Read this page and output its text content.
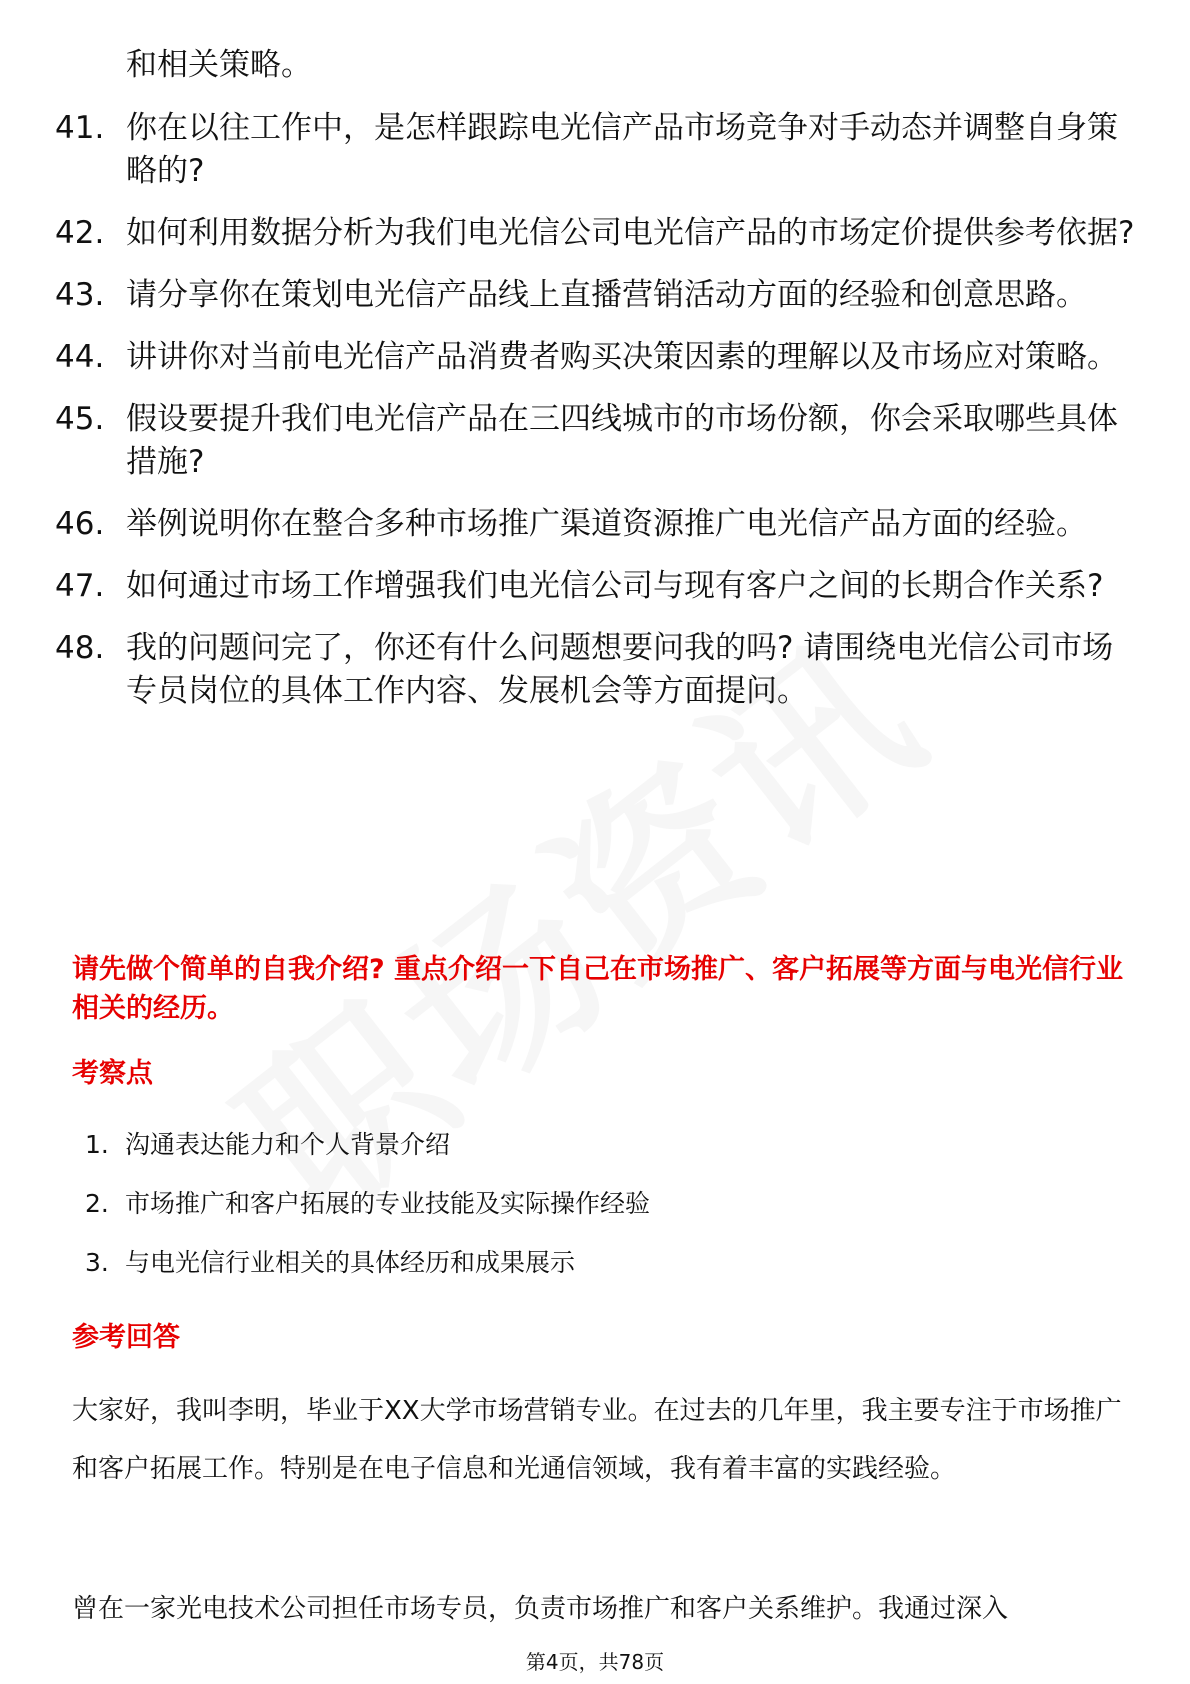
和相关策略。
41. 你在以往工作中，是怎样跟踪电光信产品市场竞争对手动态并调整自身策略的?
42. 如何利用数据分析为我们电光信公司电光信产品的市场定价提供参考依据?
43. 请分享你在策划电光信产品线上直播营销活动方面的经验和创意思路。
44. 讲讲你对当前电光信产品消费者购买决策因素的理解以及市场应对策略。
45. 假设要提升我们电光信产品在三四线城市的市场份额，你会采取哪些具体措施?
46. 举例说明你在整合多种市场推广渠道资源推广电光信产品方面的经验。
47. 如何通过市场工作增强我们电光信公司与现有客户之间的长期合作关系?
48. 我的问题问完了，你还有什么问题想要问我的吗? 请围绕电光信公司市场专员岗位的具体工作内容、发展机会等方面提问。
请先做个简单的自我介绍? 重点介绍一下自己在市场推广、客户拓展等方面与电光信行业相关的经历。
考察点
1. 沟通表达能力和个人背景介绍
2. 市场推广和客户拓展的专业技能及实际操作经验
3. 与电光信行业相关的具体经历和成果展示
参考回答

大家好，我叫李明，毕业于XX大学市场营销专业。在过去的几年里，我主要专注于市场推广和客户拓展工作。特别是在电子信息和光通信领域，我有着丰富的实践经验。

曾在一家光电技术公司担任市场专员，负责市场推广和客户关系维护。我通过深入

第4页，共78页
